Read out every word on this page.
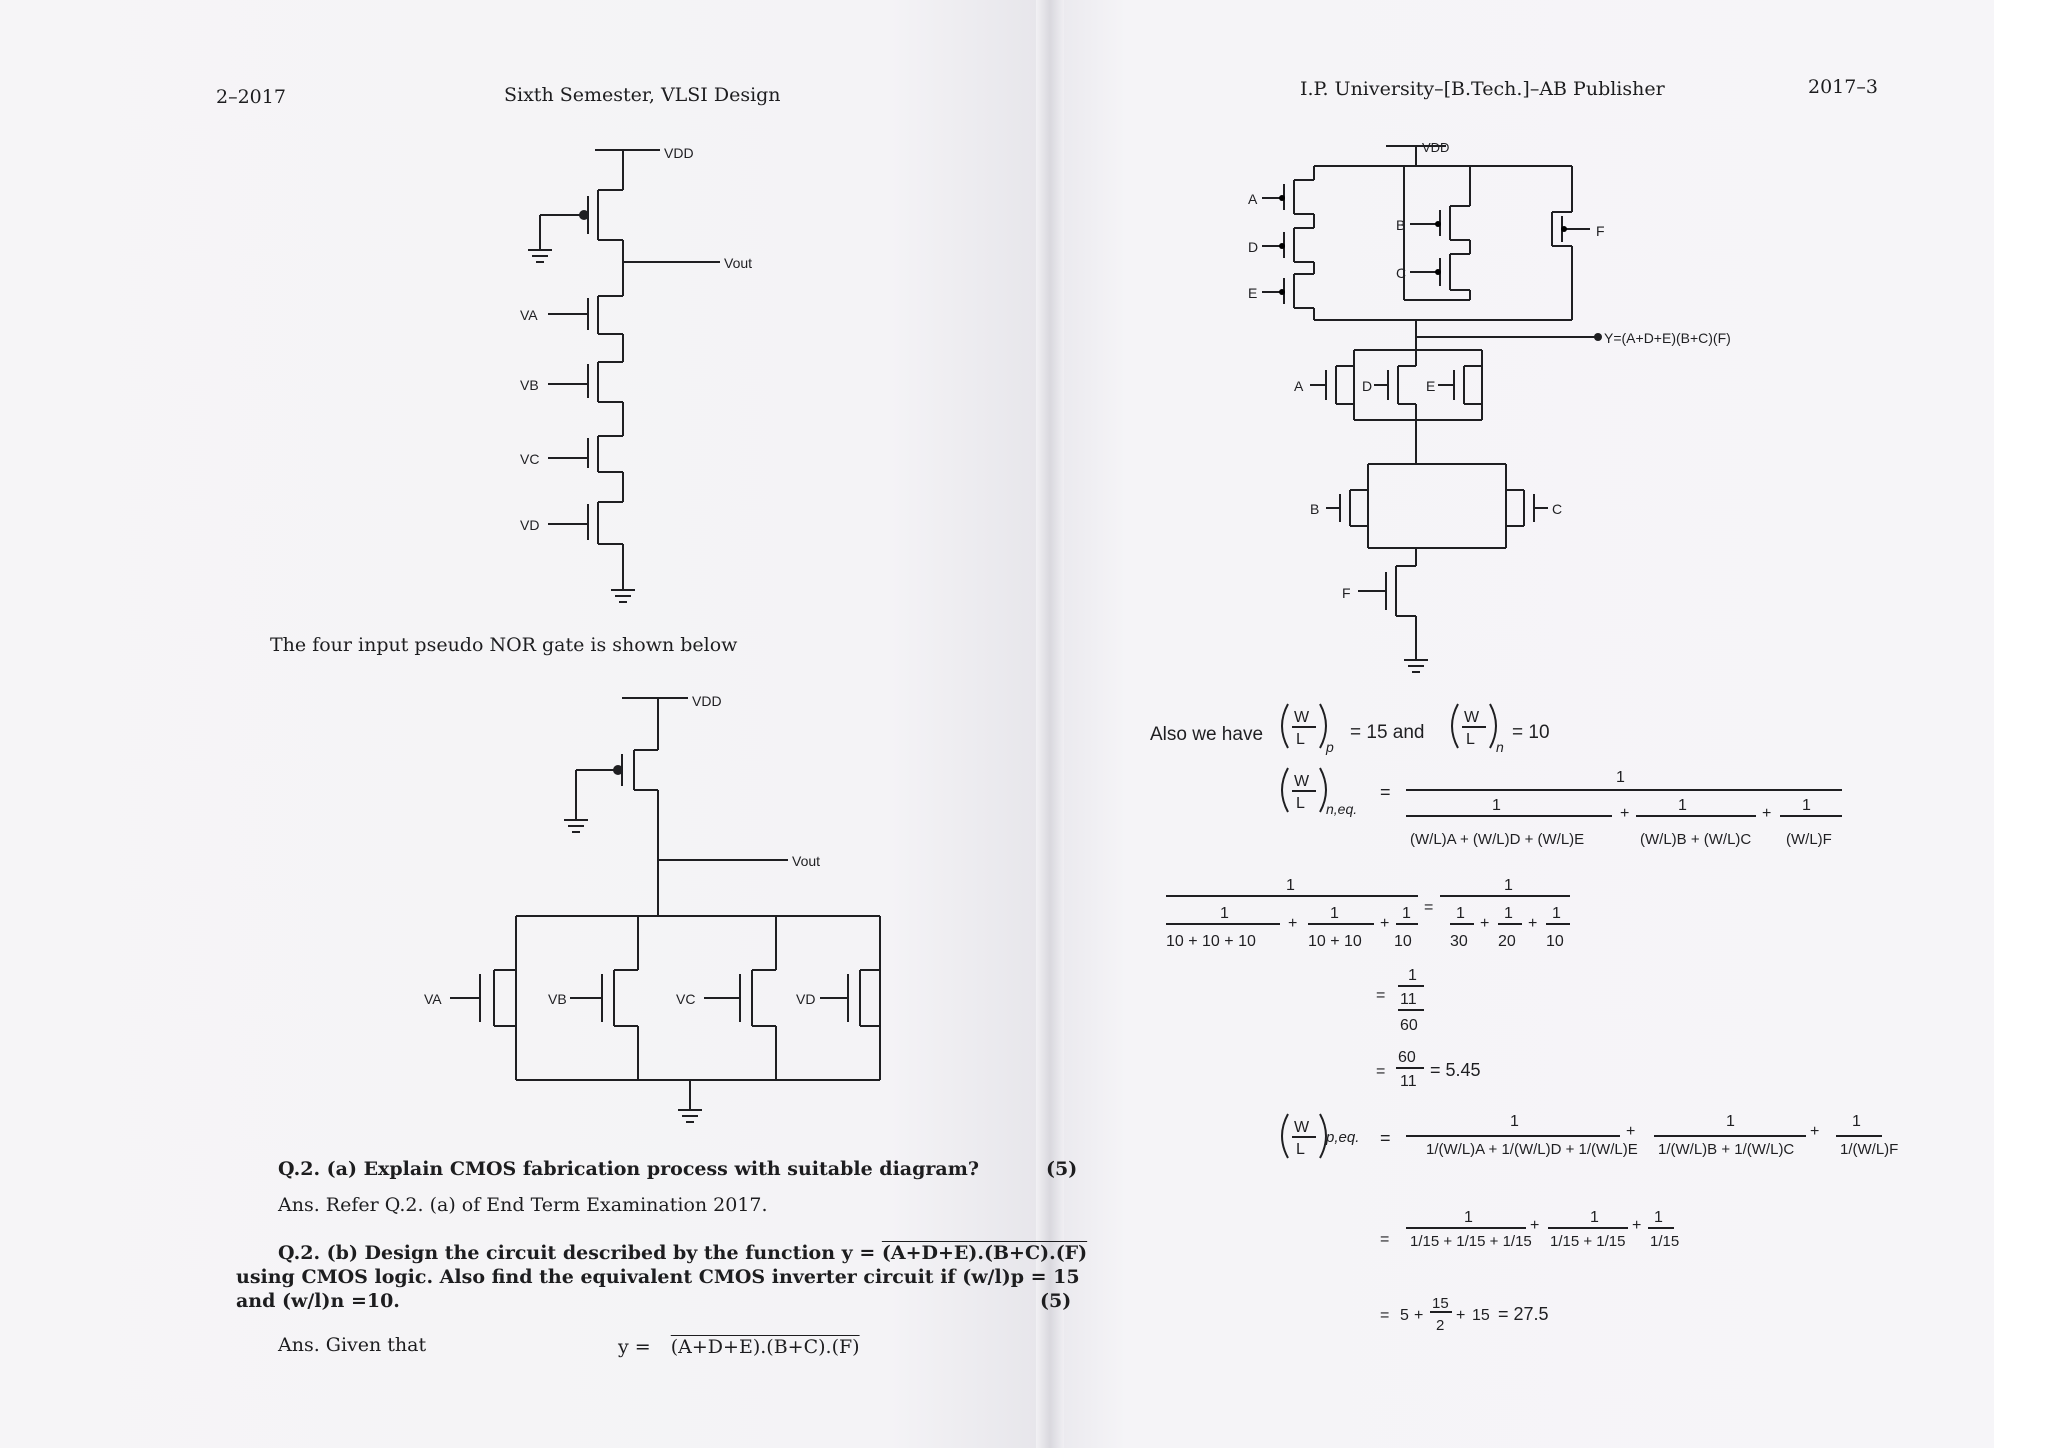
2–2017	Sixth Semester, VLSI Design
VDD
Vout
VA
VB
VC
VD
The four input pseudo NOR gate is shown below
VDD
Vout
VA	VB	VC	VD
Q.2. (a) Explain CMOS fabrication process with suitable diagram?	(5)
Ans. Refer Q.2. (a) of End Term Examination 2017.
Q.2. (b) Design the circuit described by the function y = (A+D+E).(B+C).(F)
using CMOS logic. Also find the equivalent CMOS inverter circuit if (w/l)p = 15
and (w/l)n =10.	(5)
Ans. Given that	y = (A+D+E).(B+C).(F)
I.P. University–[B.Tech.]–AB Publisher	2017–3
VDD
A
D
E
B
C
F
Y=(A+D+E)(B+C)(F)
A	D	E
B	C
F
Also we have
W
L p
= 15 and
W
L n
= 10
W
L n,eq.
=
1
1
(W/L)A + (W/L)D + (W/L)E
+	1
(W/L)B + (W/L)C
+ 1
(W/L)F
1
1
10 + 10 + 10
+
1
10 + 10
+
1
10
=
1
1
30
+
1
20
+
1
10
=
1
11
60
=
60
11
= 5.45
W
L
p,eq. =
1
1/(W/L)A + 1/(W/L)D + 1/(W/L)E
+
1
1/(W/L)B + 1/(W/L)C
+
1
1/(W/L)F
=
1
1/15 + 1/15 + 1/15
+	1
1/15 + 1/15
+ 1
1/15
= 5 +
15
2
+ 15 = 27.5
